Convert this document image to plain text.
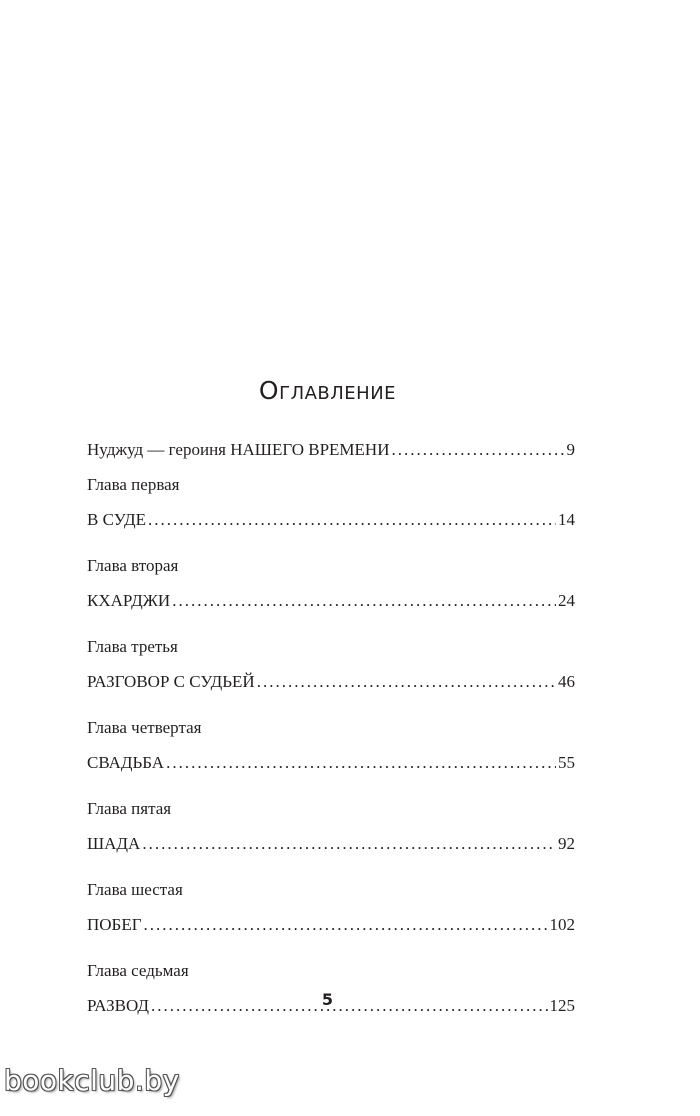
Оглавление
Нуджуд — героиня НАШЕГО ВРЕМЕНИ .....	9
Глава первая
В СУДЕ .....	14
Глава вторая
КХАРДЖИ .....	24
Глава третья
РАЗГОВОР С СУДЬЕЙ .....	46
Глава четвертая
СВАДЬБА .....	55
Глава пятая
ШАДА .....	92
Глава шестая
ПОБЕГ .....	102
Глава седьмая
РАЗВОД .....	125
5
bookclub.by
